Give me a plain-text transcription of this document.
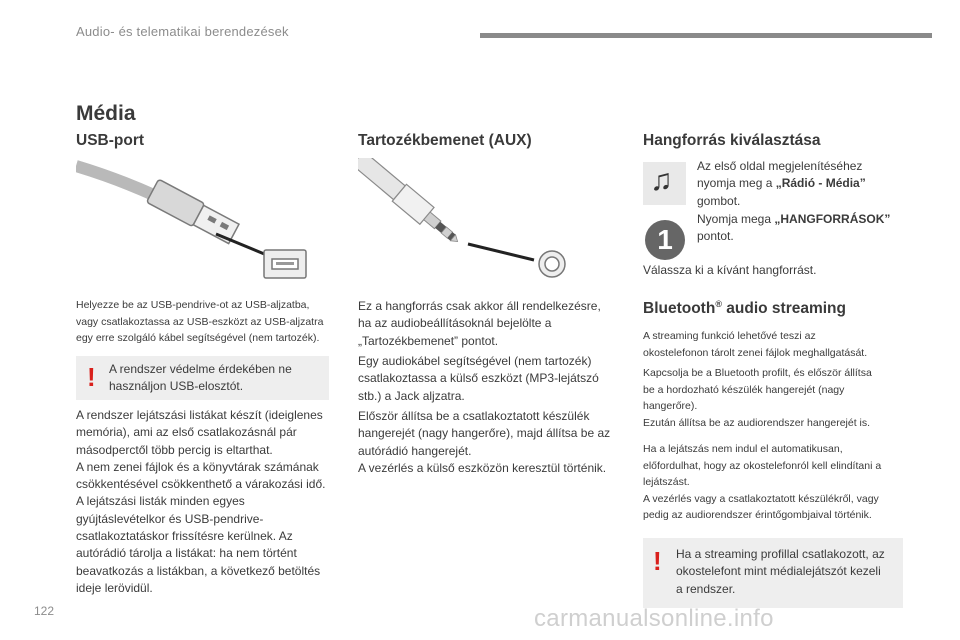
Audio- és telematikai berendezések
Média
USB-port
Helyezze be az USB-pendrive-ot az USB-aljzatba,
vagy csatlakoztassa az USB-eszközt az USB-aljzatra
egy erre szolgáló kábel segítségével (nem tartozék).
! A rendszer védelme érdekében ne
használjon USB-elosztót.
A rendszer lejátszási listákat készít (ideiglenes
memória), ami az első csatlakozásnál pár
másodperctől több percig is eltarthat.
A nem zenei fájlok és a könyvtárak számának
csökkentésével csökkenthető a várakozási idő.
A lejátszási listák minden egyes
gyújtáslevételkor és USB-pendrive-
csatlakoztatáskor frissítésre kerülnek. Az
autórádió tárolja a listákat: ha nem történt
beavatkozás a listákban, a következő betöltés
ideje lerövidül.
Tartozékbemenet (AUX)
Ez a hangforrás csak akkor áll rendelkezésre,
ha az audiobeállításoknál bejelölte a
„Tartozékbemenet” pontot.
Egy audiokábel segítségével (nem tartozék)
csatlakoztassa a külső eszközt (MP3-lejátszó
stb.) a Jack aljzatra.
Először állítsa be a csatlakoztatott készülék
hangerejét (nagy hangerőre), majd állítsa be az
autórádió hangerejét.
A vezérlés a külső eszközön keresztül történik.
Hangforrás kiválasztása
♫ Az első oldal megjelenítéséhez
nyomja meg a „Rádió - Média”
gombot.
1
Nyomja mega „HANGFORRÁSOK”
pontot.
Válassza ki a kívánt hangforrást.
Bluetooth® audio streaming
A streaming funkció lehetővé teszi az
okostelefonon tárolt zenei fájlok meghallgatását.
Kapcsolja be a Bluetooth profilt, és először állítsa
be a hordozható készülék hangerejét (nagy
hangerőre).
Ezután állítsa be az audiorendszer hangerejét is.
Ha a lejátszás nem indul el automatikusan,
előfordulhat, hogy az okostelefonról kell elindítani a
lejátszást.
A vezérlés vagy a csatlakoztatott készülékről, vagy
pedig az audiorendszer érintőgombjaival történik.
! Ha a streaming profillal csatlakozott, az
okostelefont mint médialejátszót kezeli
a rendszer.
122	carmanualsonline.info
